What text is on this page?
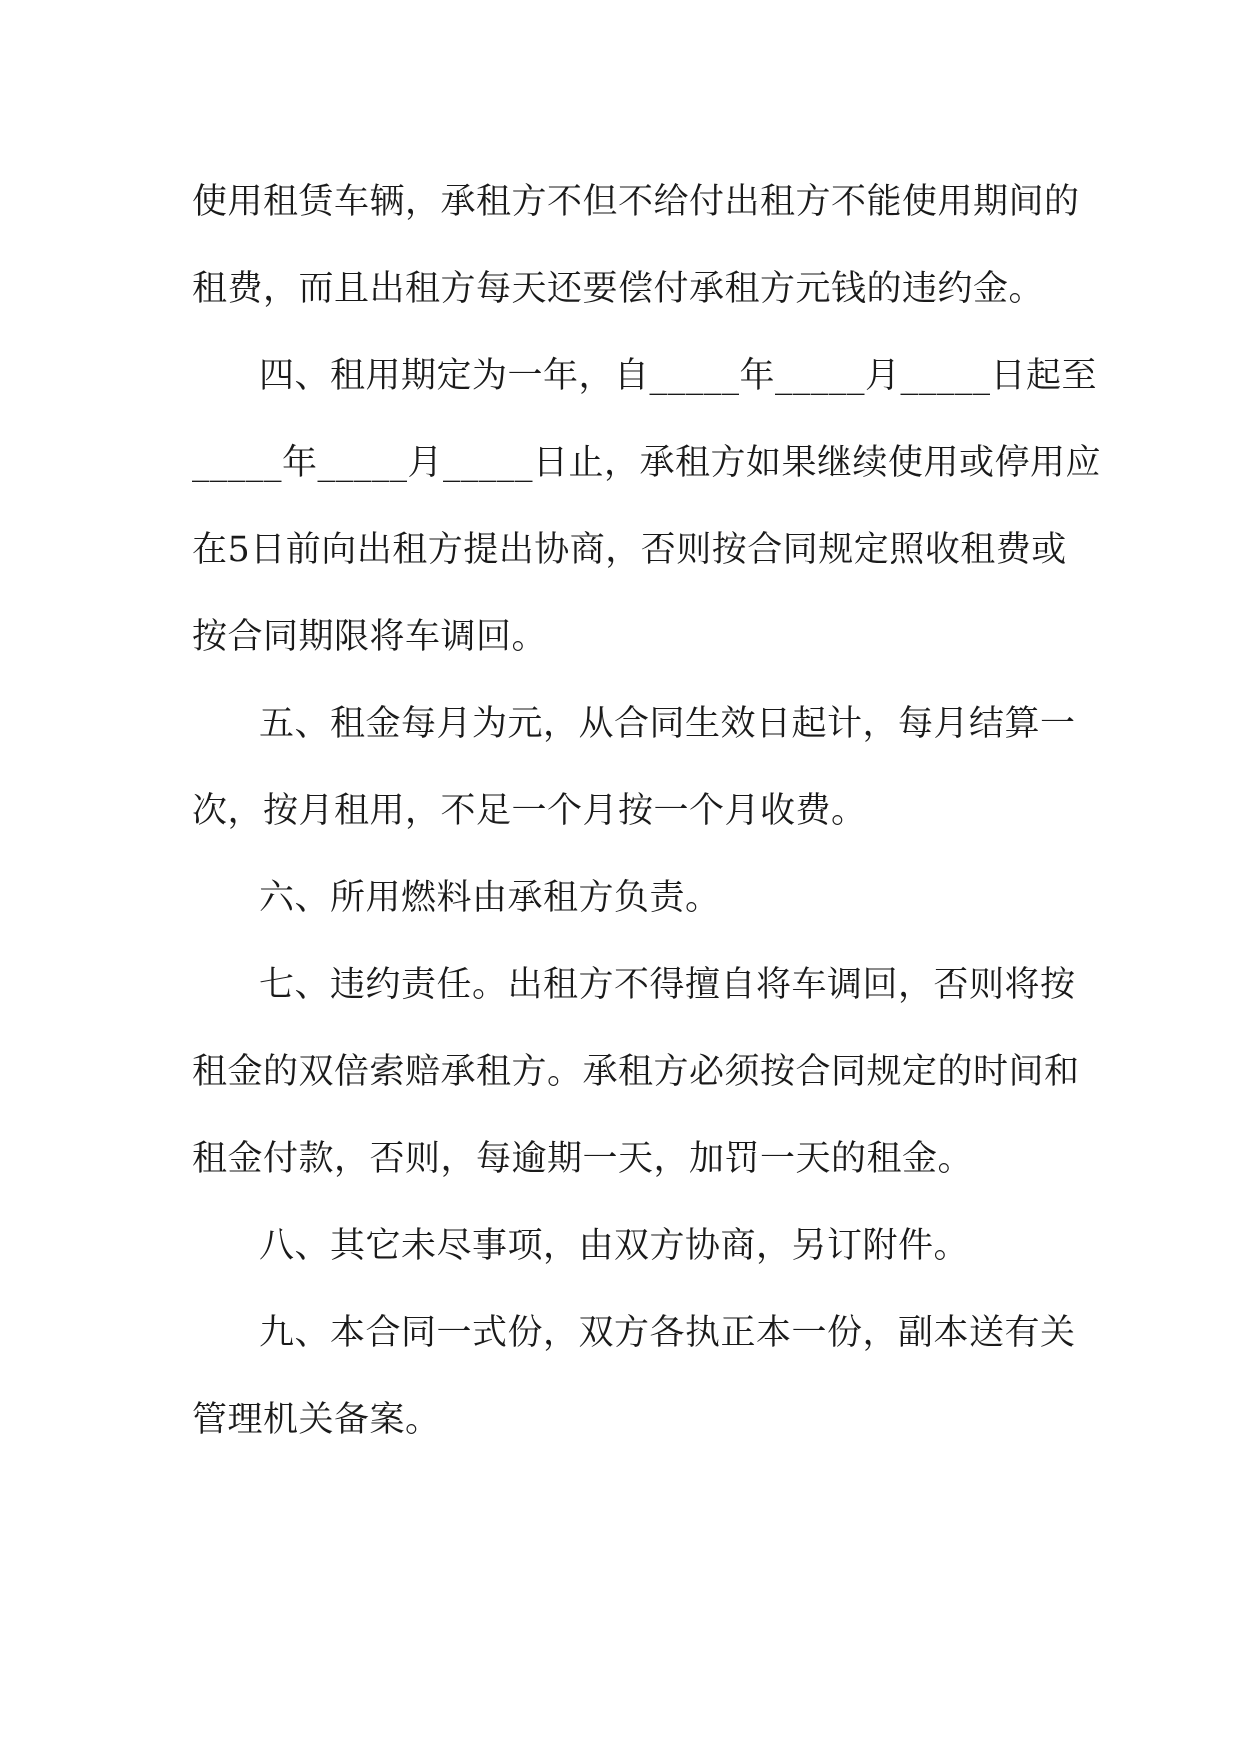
使用租赁车辆，承租方不但不给付出租方不能使用期间的
租费，而且出租方每天还要偿付承租方元钱的违约金。
四、租用期定为一年，自_____年_____月_____日起至
_____年_____月_____日止，承租方如果继续使用或停用应
在5日前向出租方提出协商，否则按合同规定照收租费或
按合同期限将车调回。
五、租金每月为元，从合同生效日起计，每月结算一
次，按月租用，不足一个月按一个月收费。
六、所用燃料由承租方负责。
七、违约责任。出租方不得擅自将车调回，否则将按
租金的双倍索赔承租方。承租方必须按合同规定的时间和
租金付款，否则，每逾期一天，加罚一天的租金。
八、其它未尽事项，由双方协商，另订附件。
九、本合同一式份，双方各执正本一份，副本送有关
管理机关备案。
